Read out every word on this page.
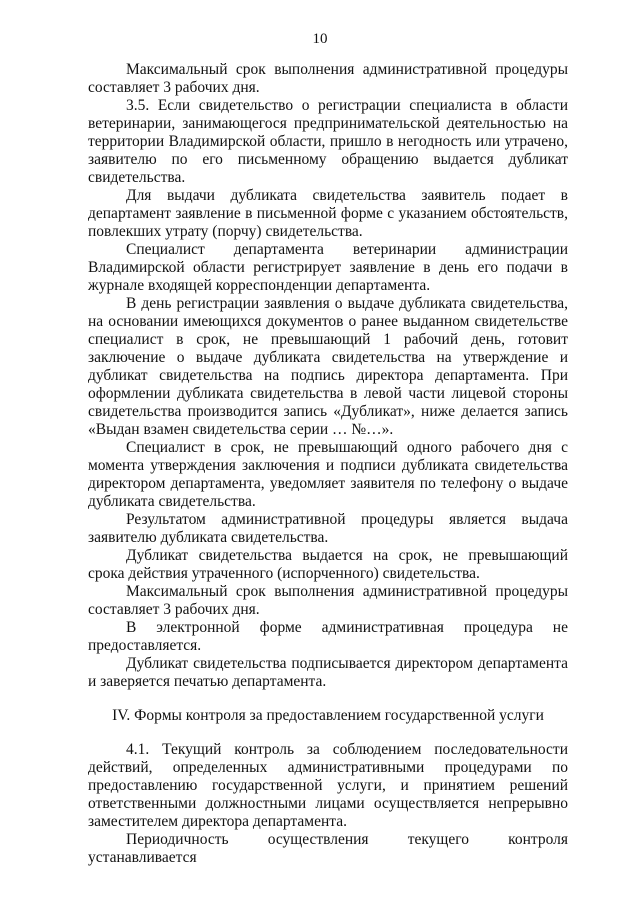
10

Максимальный срок выполнения административной процедуры составляет 3 рабочих дня.

3.5. Если свидетельство о регистрации специалиста в области ветеринарии, занимающегося предпринимательской деятельностью на территории Владимирской области, пришло в негодность или утрачено, заявителю по его письменному обращению выдается дубликат свидетельства.

Для выдачи дубликата свидетельства заявитель подает в департамент заявление в письменной форме с указанием обстоятельств, повлекших утрату (порчу) свидетельства.

Специалист департамента ветеринарии администрации Владимирской области регистрирует заявление в день его подачи в журнале входящей корреспонденции департамента.

В день регистрации заявления о выдаче дубликата свидетельства, на основании имеющихся документов о ранее выданном свидетельстве специалист в срок, не превышающий 1 рабочий день, готовит заключение о выдаче дубликата свидетельства на утверждение и дубликат свидетельства на подпись директора департамента. При оформлении дубликата свидетельства в левой части лицевой стороны свидетельства производится запись «Дубликат», ниже делается запись «Выдан взамен свидетельства серии … №…».

Специалист в срок, не превышающий одного рабочего дня с момента утверждения заключения и подписи дубликата свидетельства директором департамента, уведомляет заявителя по телефону о выдаче дубликата свидетельства.

Результатом административной процедуры является выдача заявителю дубликата свидетельства.

Дубликат свидетельства выдается на срок, не превышающий срока действия утраченного (испорченного) свидетельства.

Максимальный срок выполнения административной процедуры составляет 3 рабочих дня.

В электронной форме административная процедура не предоставляется.

Дубликат свидетельства подписывается директором департамента и заверяется печатью департамента.

IV. Формы контроля за предоставлением государственной услуги

4.1. Текущий контроль за соблюдением последовательности действий, определенных административными процедурами по предоставлению государственной услуги, и принятием решений ответственными должностными лицами осуществляется непрерывно заместителем директора департамента.

Периодичность осуществления текущего контроля устанавливается
